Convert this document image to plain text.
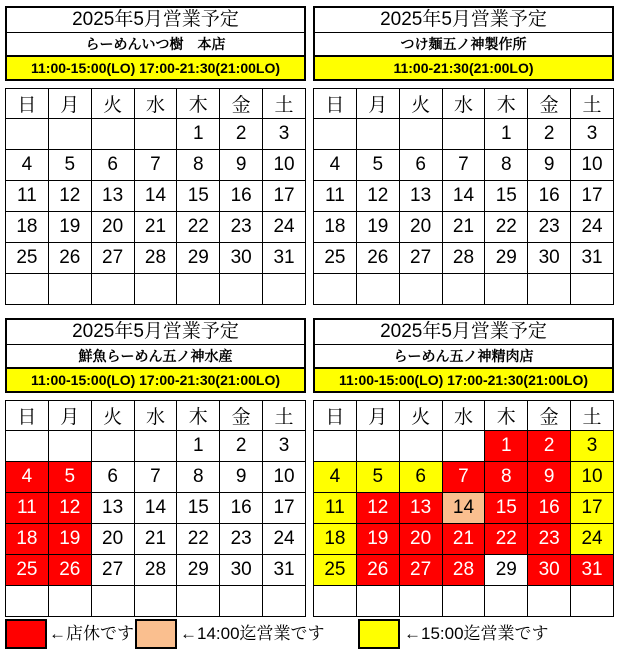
2025年5月営業予定
らーめんいつ樹　本店
11:00-15:00(LO) 17:00-21:30(21:00LO)
日	月	火	水	木	金	土
				1	2	3
4	5	6	7	8	9	10
11	12	13	14	15	16	17
18	19	20	21	22	23	24
25	26	27	28	29	30	31

2025年5月営業予定
つけ麺五ノ神製作所
11:00-21:30(21:00LO)
日	月	火	水	木	金	土
				1	2	3
4	5	6	7	8	9	10
11	12	13	14	15	16	17
18	19	20	21	22	23	24
25	26	27	28	29	30	31

2025年5月営業予定
鮮魚らーめん五ノ神水産
11:00-15:00(LO) 17:00-21:30(21:00LO)
日	月	火	水	木	金	土
				1	2	3
4	5	6	7	8	9	10
11	12	13	14	15	16	17
18	19	20	21	22	23	24
25	26	27	28	29	30	31

2025年5月営業予定
らーめん五ノ神精肉店
11:00-15:00(LO) 17:00-21:30(21:00LO)
日	月	火	水	木	金	土
				1	2	3
4	5	6	7	8	9	10
11	12	13	14	15	16	17
18	19	20	21	22	23	24
25	26	27	28	29	30	31

←店休です	←14:00迄営業です	←15:00迄営業です
